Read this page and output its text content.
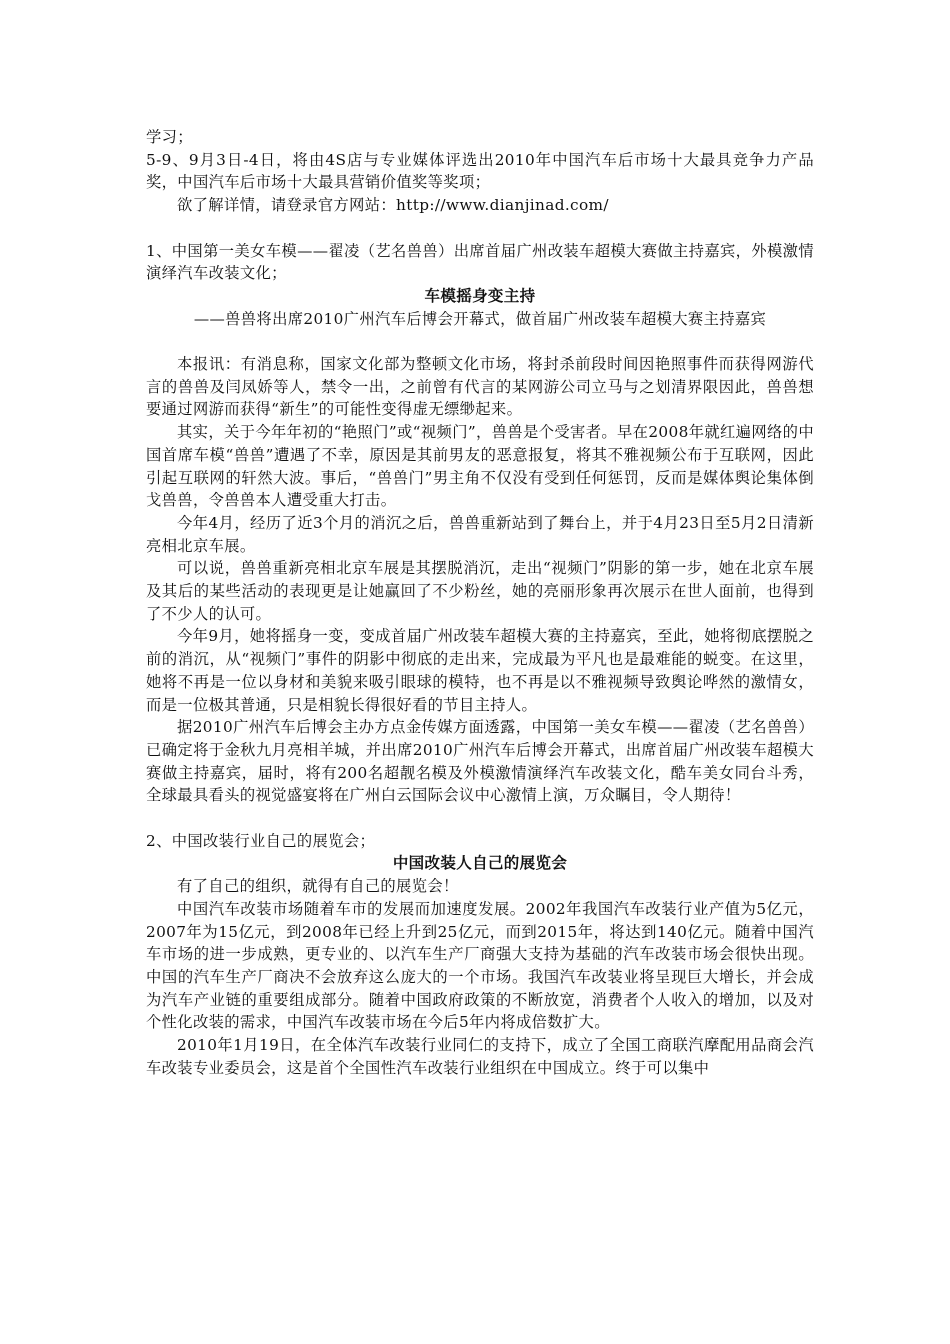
学习；

5-9、9月3日-4日，将由4S店与专业媒体评选出2010年中国汽车后市场十大最具竞争力产品奖，中国汽车后市场十大最具营销价值奖等奖项；

欲了解详情，请登录官方网站：http://www.dianjinad.com/

1、中国第一美女车模——翟凌（艺名兽兽）出席首届广州改装车超模大赛做主持嘉宾，外模激情演绎汽车改装文化；

车模摇身变主持

——兽兽将出席2010广州汽车后博会开幕式，做首届广州改装车超模大赛主持嘉宾

本报讯：有消息称，国家文化部为整顿文化市场，将封杀前段时间因艳照事件而获得网游代言的兽兽及闫凤娇等人，禁令一出，之前曾有代言的某网游公司立马与之划清界限因此，兽兽想要通过网游而获得“新生”的可能性变得虚无缥缈起来。

其实，关于今年年初的“艳照门”或“视频门”，兽兽是个受害者。早在2008年就红遍网络的中国首席车模“兽兽”遭遇了不幸，原因是其前男友的恶意报复，将其不雅视频公布于互联网，因此引起互联网的轩然大波。事后，“兽兽门”男主角不仅没有受到任何惩罚，反而是媒体舆论集体倒戈兽兽，令兽兽本人遭受重大打击。

今年4月，经历了近3个月的消沉之后，兽兽重新站到了舞台上，并于4月23日至5月2日清新亮相北京车展。

可以说，兽兽重新亮相北京车展是其摆脱消沉，走出“视频门”阴影的第一步，她在北京车展及其后的某些活动的表现更是让她赢回了不少粉丝，她的亮丽形象再次展示在世人面前，也得到了不少人的认可。

今年9月，她将摇身一变，变成首届广州改装车超模大赛的主持嘉宾，至此，她将彻底摆脱之前的消沉，从“视频门”事件的阴影中彻底的走出来，完成最为平凡也是最难能的蜕变。在这里，她将不再是一位以身材和美貌来吸引眼球的模特，也不再是以不雅视频导致舆论哗然的激情女，而是一位极其普通，只是相貌长得很好看的节目主持人。

据2010广州汽车后博会主办方点金传媒方面透露，中国第一美女车模——翟凌（艺名兽兽）已确定将于金秋九月亮相羊城，并出席2010广州汽车后博会开幕式，出席首届广州改装车超模大赛做主持嘉宾，届时，将有200名超靓名模及外模激情演绎汽车改装文化，酷车美女同台斗秀，全球最具看头的视觉盛宴将在广州白云国际会议中心激情上演，万众瞩目，令人期待！

2、中国改装行业自己的展览会；

中国改装人自己的展览会

有了自己的组织，就得有自己的展览会！

中国汽车改装市场随着车市的发展而加速度发展。2002年我国汽车改装行业产值为5亿元，2007年为15亿元，到2008年已经上升到25亿元，而到2015年，将达到140亿元。随着中国汽车市场的进一步成熟，更专业的、以汽车生产厂商强大支持为基础的汽车改装市场会很快出现。中国的汽车生产厂商决不会放弃这么庞大的一个市场。我国汽车改装业将呈现巨大增长，并会成为汽车产业链的重要组成部分。随着中国政府政策的不断放宽，消费者个人收入的增加，以及对个性化改装的需求，中国汽车改装市场在今后5年内将成倍数扩大。

2010年1月19日，在全体汽车改装行业同仁的支持下，成立了全国工商联汽摩配用品商会汽车改装专业委员会，这是首个全国性汽车改装行业组织在中国成立。终于可以集中
